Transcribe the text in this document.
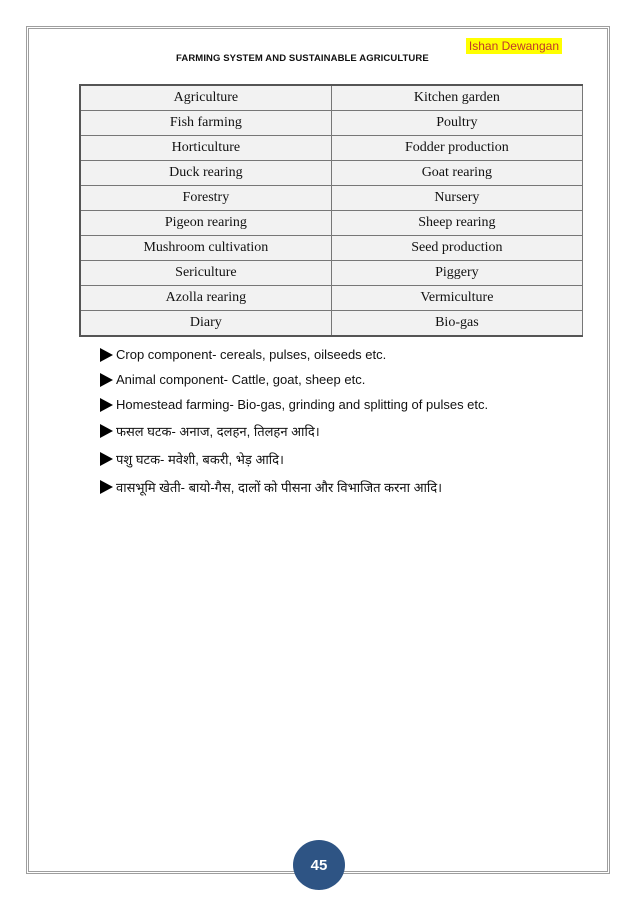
Ishan Dewangan
FARMING SYSTEM AND SUSTAINABLE AGRICULTURE
Agriculture	Kitchen garden
Fish farming	Poultry
Horticulture	Fodder production
Duck rearing	Goat rearing
Forestry	Nursery
Pigeon rearing	Sheep rearing
Mushroom cultivation	Seed production
Sericulture	Piggery
Azolla rearing	Vermiculture
Diary	Bio-gas
Crop component- cereals, pulses, oilseeds etc.
Animal component- Cattle, goat, sheep etc.
Homestead farming- Bio-gas, grinding and splitting of pulses etc.
फसल घटक- अनाज, दलहन, तिलहन आदि।
पशु घटक- मवेशी, बकरी, भेड़ आदि।
वासभूमि खेती- बायो-गैस, दालों को पीसना और विभाजित करना आदि।
45
